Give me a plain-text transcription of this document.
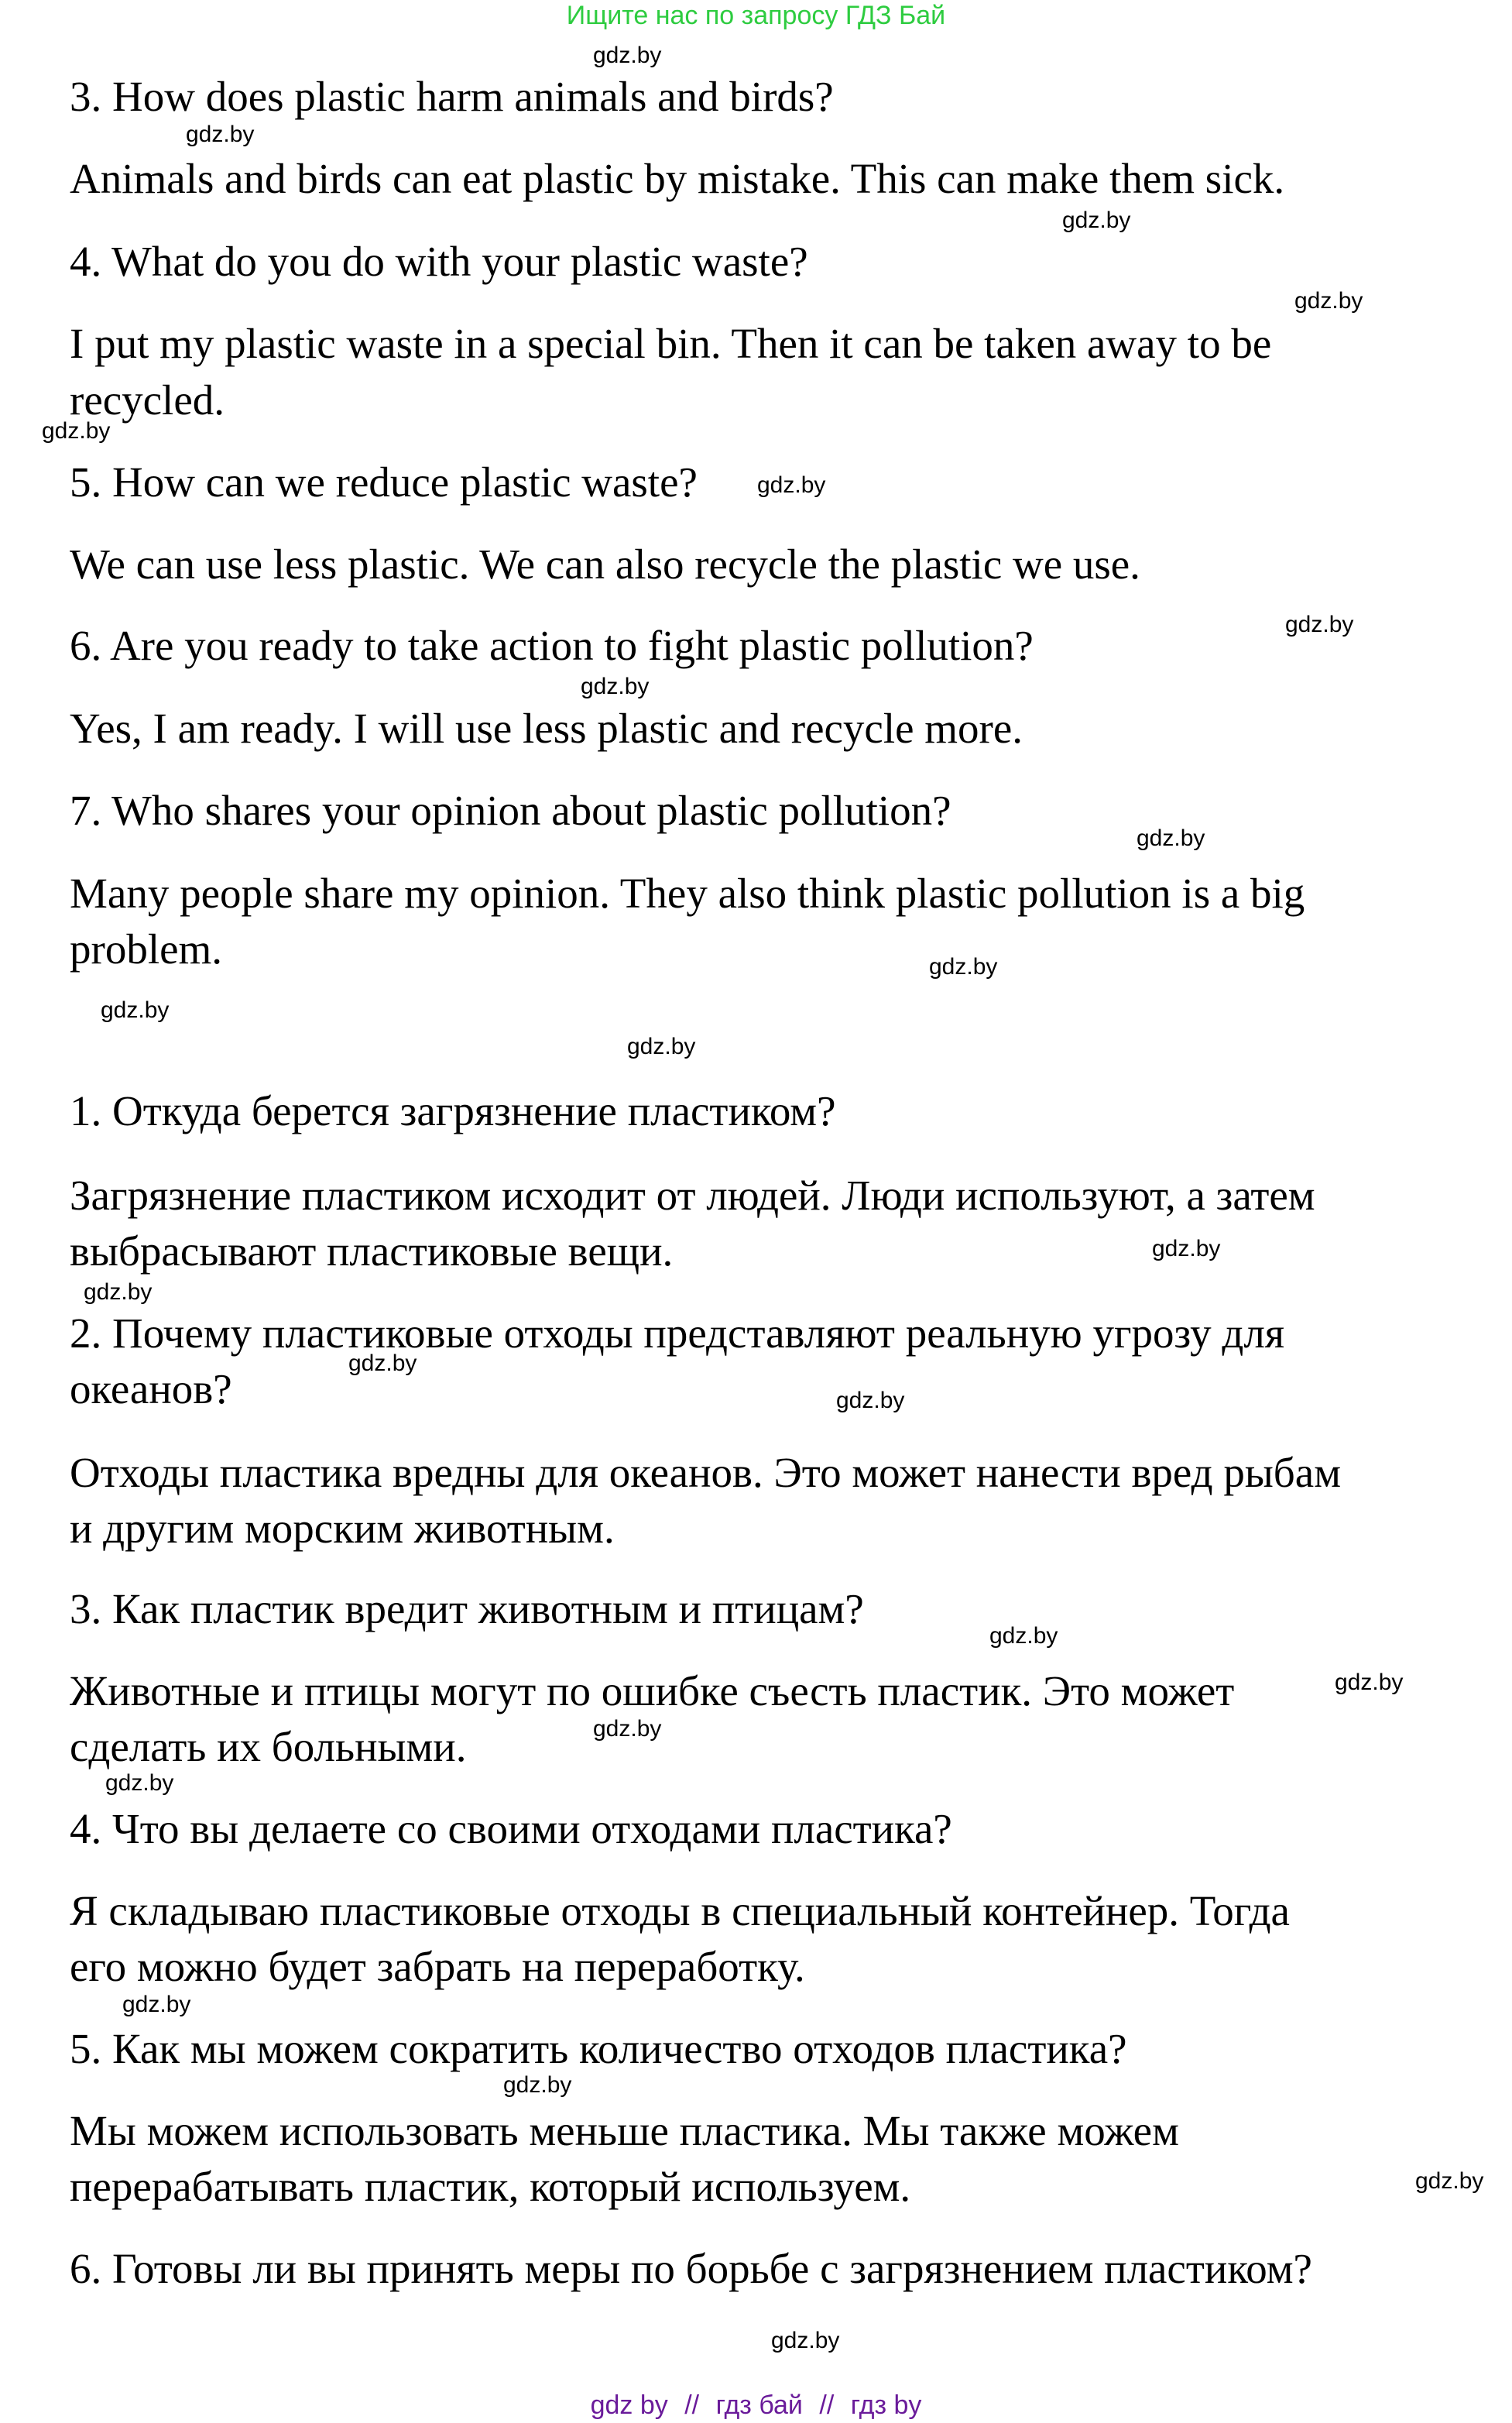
Ищите нас по запросу ГДЗ Бай
3. How does plastic harm animals and birds?
Animals and birds can eat plastic by mistake. This can make them sick.
4. What do you do with your plastic waste?
I put my plastic waste in a special bin. Then it can be taken away to be
recycled.
5. How can we reduce plastic waste?
We can use less plastic. We can also recycle the plastic we use.
6. Are you ready to take action to fight plastic pollution?
Yes, I am ready. I will use less plastic and recycle more.
7. Who shares your opinion about plastic pollution?
Many people share my opinion. They also think plastic pollution is a big
problem.
1. Откуда берется загрязнение пластиком?
Загрязнение пластиком исходит от людей. Люди используют, а затем
выбрасывают пластиковые вещи.
2. Почему пластиковые отходы представляют реальную угрозу для
океанов?
Отходы пластика вредны для океанов. Это может нанести вред рыбам
и другим морским животным.
3. Как пластик вредит животным и птицам?
Животные и птицы могут по ошибке съесть пластик. Это может
сделать их больными.
4. Что вы делаете со своими отходами пластика?
Я складываю пластиковые отходы в специальный контейнер. Тогда
его можно будет забрать на переработку.
5. Как мы можем сократить количество отходов пластика?
Мы можем использовать меньше пластика. Мы также можем
перерабатывать пластик, который используем.
6. Готовы ли вы принять меры по борьбе с загрязнением пластиком?
gdz.by
gdz.by
gdz.by
gdz.by
gdz.by
gdz.by
gdz.by
gdz.by
gdz.by
gdz.by
gdz.by
gdz.by
gdz.by
gdz.by
gdz.by
gdz.by
gdz.by
gdz.by
gdz.by
gdz.by
gdz.by
gdz.by
gdz.by
gdz.by
gdz by // гдз бай // гдз by
